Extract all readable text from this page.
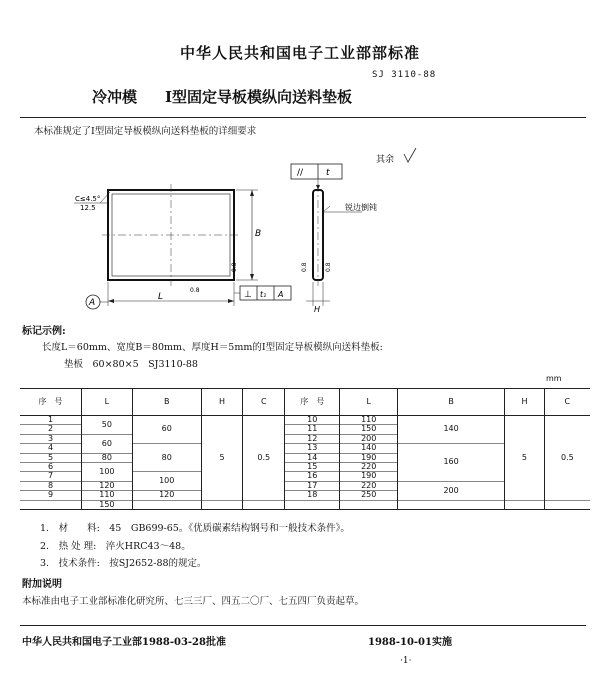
中华人民共和国电子工业部部标准
SJ 3110-88
冷冲模 Ⅰ型固定导板模纵向送料垫板
本标准规定了Ⅰ型固定导板模纵向送料垫板的详细要求
其余
C≤4.5°
12.5
B
0.8
L
0.8
A
⊥ t₁ A
//	t
锐边倒钝
0.8	0.8
H
标记示例:
长度L＝60mm、宽度B＝80mm、厚度H＝5mm的Ⅰ型固定导板模纵向送料垫板:
垫板　60×80×5　SJ3110-88
mm
序　号	L	B	H	C	序　号	L	B	H	C
1	50	60	5	0.5	10	110	140	5	0.5
2					11	150			
3	60				12	200			
4		80			13	140	160		
5	80				14	190			
6	100				15	220			
7		100			16	190			
8	120				17	220	200		
9	110	120			18	250			
	150								
1.　材　　料:　45　GB699-65。《优质碳素结构钢号和一般技术条件》。
2.　热 处 理:　淬火HRC43～48。
3.　技术条件:　按SJ2652-88的规定。
附加说明
本标准由电子工业部标准化研究所、七三三厂、四五二〇厂、七五四厂负责起草。
中华人民共和国电子工业部1988-03-28批准	1988-10-01实施
·1·
